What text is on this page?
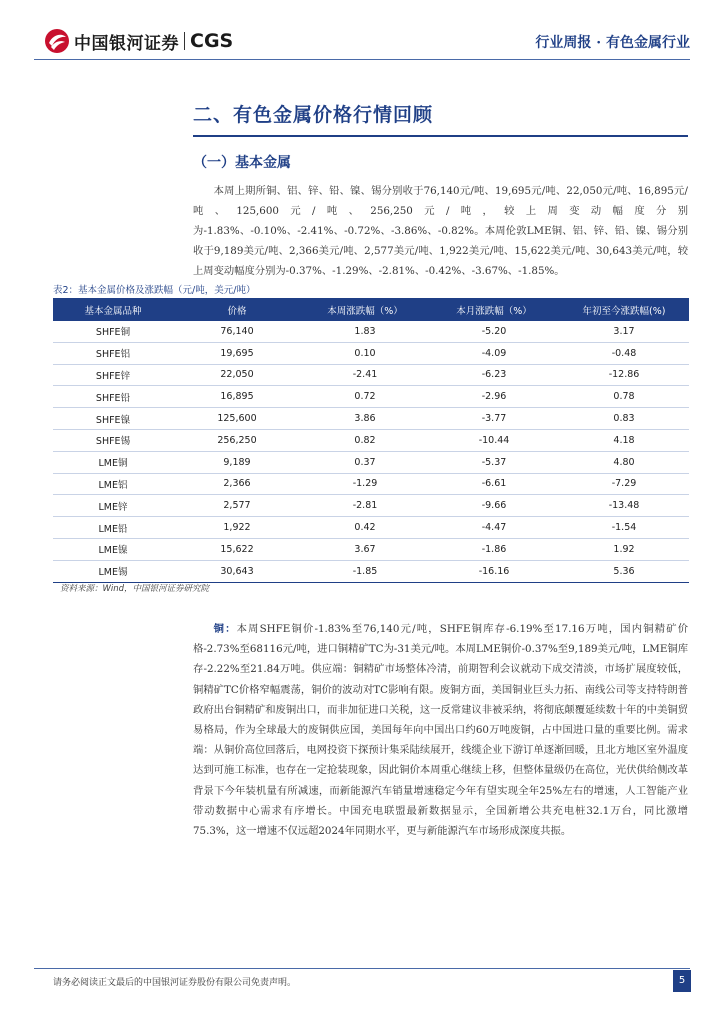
中国银河证券 CGS	行业周报 · 有色金属行业
二、有色金属价格行情回顾
（一）基本金属
本周上期所铜、铝、锌、铅、镍、锡分别收于76,140元/吨、19,695元/吨、22,050元/吨、16,895元/吨、125,600元/吨、256,250元/吨，较上周变动幅度分别为-1.83%、-0.10%、-2.41%、-0.72%、-3.86%、-0.82%。本周伦敦LME铜、铝、锌、铅、镍、锡分别收于9,189美元/吨、2,366美元/吨、2,577美元/吨、1,922美元/吨、15,622美元/吨、30,643美元/吨，较上周变动幅度分别为-0.37%、-1.29%、-2.81%、-0.42%、-3.67%、-1.85%。
表2：基本金属价格及涨跌幅（元/吨，美元/吨）
基本金属品种	价格	本周涨跌幅（%）	本月涨跌幅（%）	年初至今涨跌幅(%)
SHFE铜	76,140	1.83	-5.20	3.17
SHFE铝	19,695	0.10	-4.09	-0.48
SHFE锌	22,050	-2.41	-6.23	-12.86
SHFE铅	16,895	0.72	-2.96	0.78
SHFE镍	125,600	3.86	-3.77	0.83
SHFE锡	256,250	0.82	-10.44	4.18
LME铜	9,189	0.37	-5.37	4.80
LME铝	2,366	-1.29	-6.61	-7.29
LME锌	2,577	-2.81	-9.66	-13.48
LME铅	1,922	0.42	-4.47	-1.54
LME镍	15,622	3.67	-1.86	1.92
LME锡	30,643	-1.85	-16.16	5.36
资料来源：Wind，中国银河证券研究院
铜：本周SHFE铜价-1.83%至76,140元/吨，SHFE铜库存-6.19%至17.16万吨，国内铜精矿价格-2.73%至68116元/吨，进口铜精矿TC为-31美元/吨。本周LME铜价-0.37%至9,189美元/吨，LME铜库存-2.22%至21.84万吨。供应端：铜精矿市场整体冷清，前期智利会议就动下成交清淡，市场扩展度较低，铜精矿TC价格窄幅震荡，铜价的波动对TC影响有限。废铜方面，美国铜业巨头力拓、南线公司等支持特朗普政府出台铜精矿和废铜出口，而非加征进口关税，这一反常建议非被采纳，将彻底颠覆延续数十年的中美铜贸易格局，作为全球最大的废铜供应国，美国每年向中国出口约60万吨废铜，占中国进口量的重要比例。需求端：从铜价高位回落后，电网投资下探预计集采陆续展开，线缆企业下游订单逐渐回暖，且北方地区室外温度达到可施工标准，也存在一定抢装现象，因此铜价本周重心继续上移，但整体量级仍在高位，光伏供给侧改革背景下今年装机量有所减速，而新能源汽车销量增速稳定今年有望实现全年25%左右的增速，人工智能产业带动数据中心需求有序增长。中国充电联盟最新数据显示，全国新增公共充电桩32.1万台，同比激增75.3%，这一增速不仅远超2024年同期水平，更与新能源汽车市场形成深度共振。
请务必阅读正文最后的中国银河证券股份有限公司免责声明。	5
